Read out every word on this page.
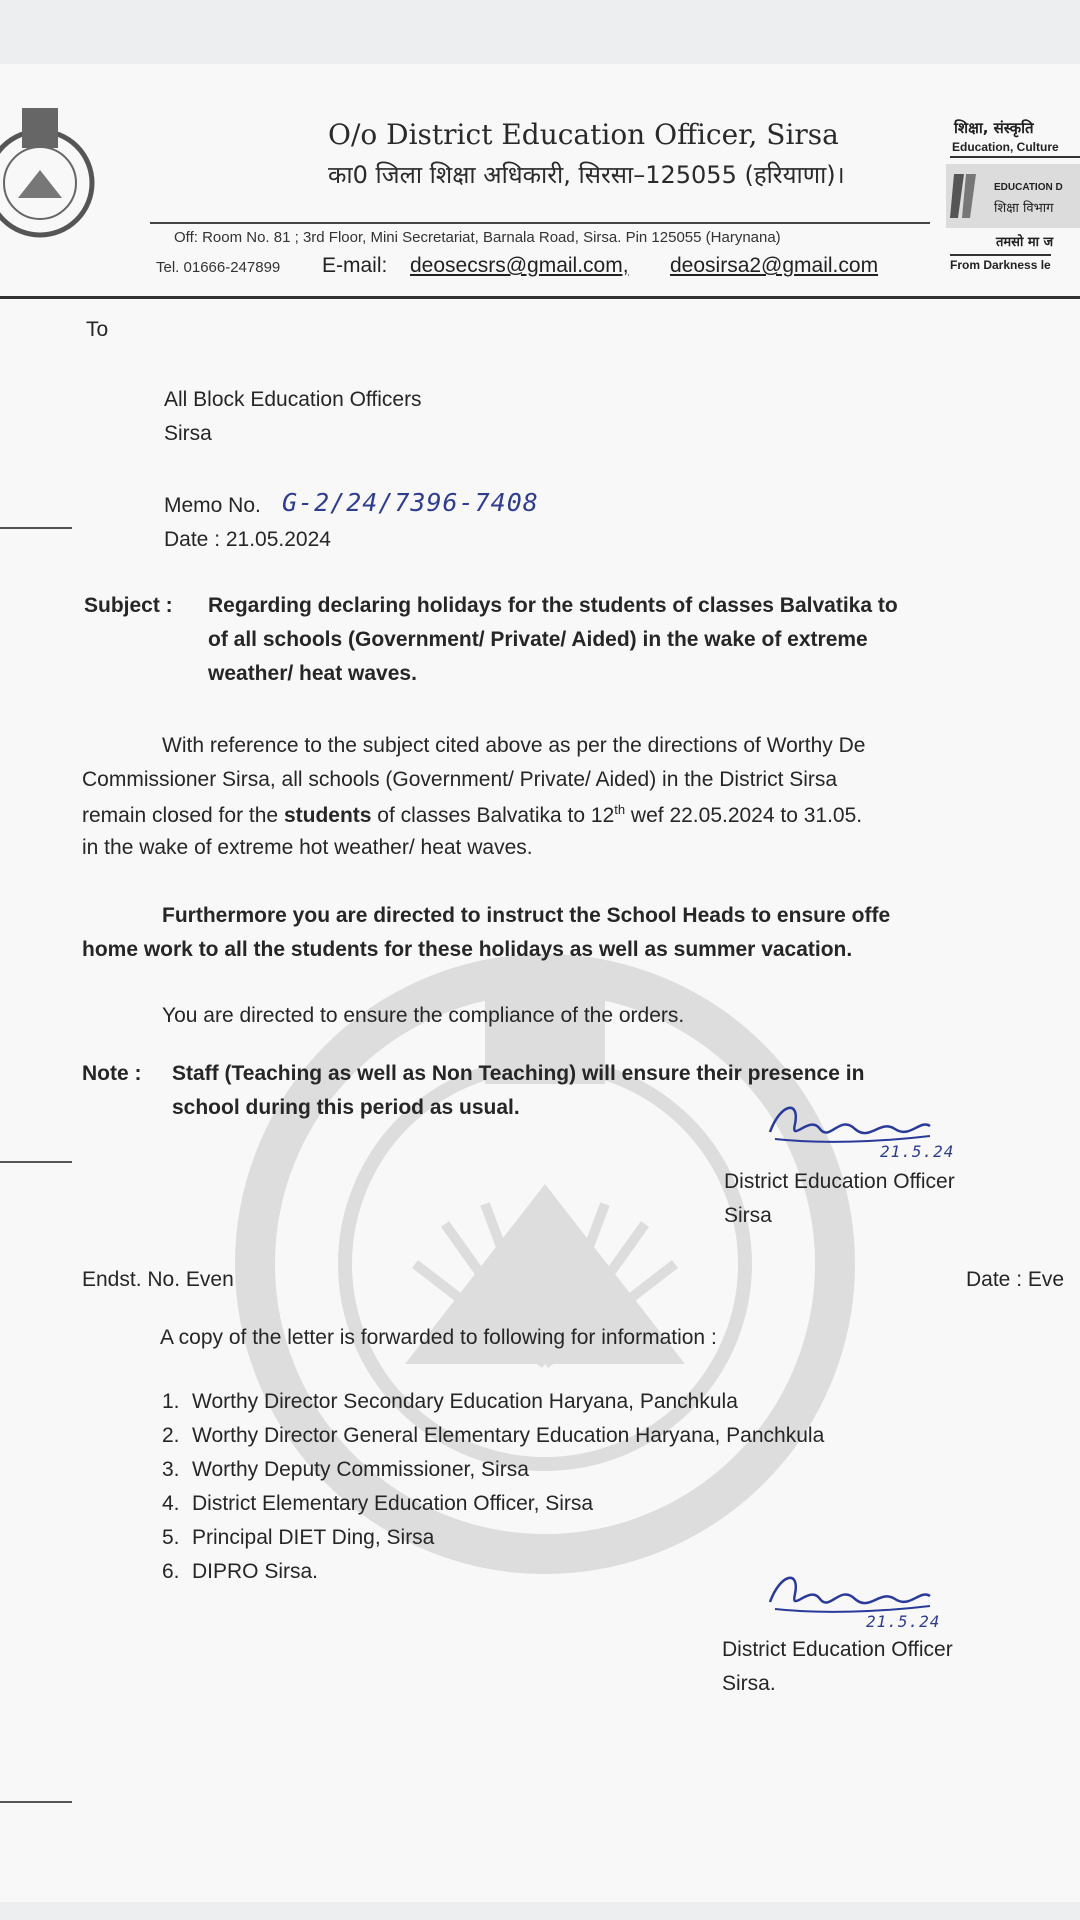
O/o District Education Officer, Sirsa
का0 जिला शिक्षा अधिकारी, सिरसा–125055 (हरियाणा)।
Off: Room No. 81 ; 3rd Floor, Mini Secretariat, Barnala Road, Sirsa. Pin 125055 (Harynana)
Tel. 01666-247899 E-mail: deosecsrs@gmail.com, deosirsa2@gmail.com
शिक्षा, संस्कृति
Education, Culture
EDUCATION D
शिक्षा विभाग
तमसो मा ज
From Darkness le
To
All Block Education Officers
Sirsa
Memo No. G-2/24/7396-7408
Date : 21.05.2024
Subject : Regarding declaring holidays for the students of classes Balvatika to
of all schools (Government/ Private/ Aided) in the wake of extreme
weather/ heat waves.
With reference to the subject cited above as per the directions of Worthy De
Commissioner Sirsa, all schools (Government/ Private/ Aided) in the District Sirsa
remain closed for the students of classes Balvatika to 12th wef 22.05.2024 to 31.05.
in the wake of extreme hot weather/ heat waves.
Furthermore you are directed to instruct the School Heads to ensure offe
home work to all the students for these holidays as well as summer vacation.
You are directed to ensure the compliance of the orders.
Note : Staff (Teaching as well as Non Teaching) will ensure their presence in
school during this period as usual.
21.5.24
District Education Officer
Sirsa
Endst. No. Even	Date : Eve
A copy of the letter is forwarded to following for information :
1. Worthy Director Secondary Education Haryana, Panchkula
2. Worthy Director General Elementary Education Haryana, Panchkula
3. Worthy Deputy Commissioner, Sirsa
4. District Elementary Education Officer, Sirsa
5. Principal DIET Ding, Sirsa
6. DIPRO Sirsa.
21.5.24
District Education Officer
Sirsa.
